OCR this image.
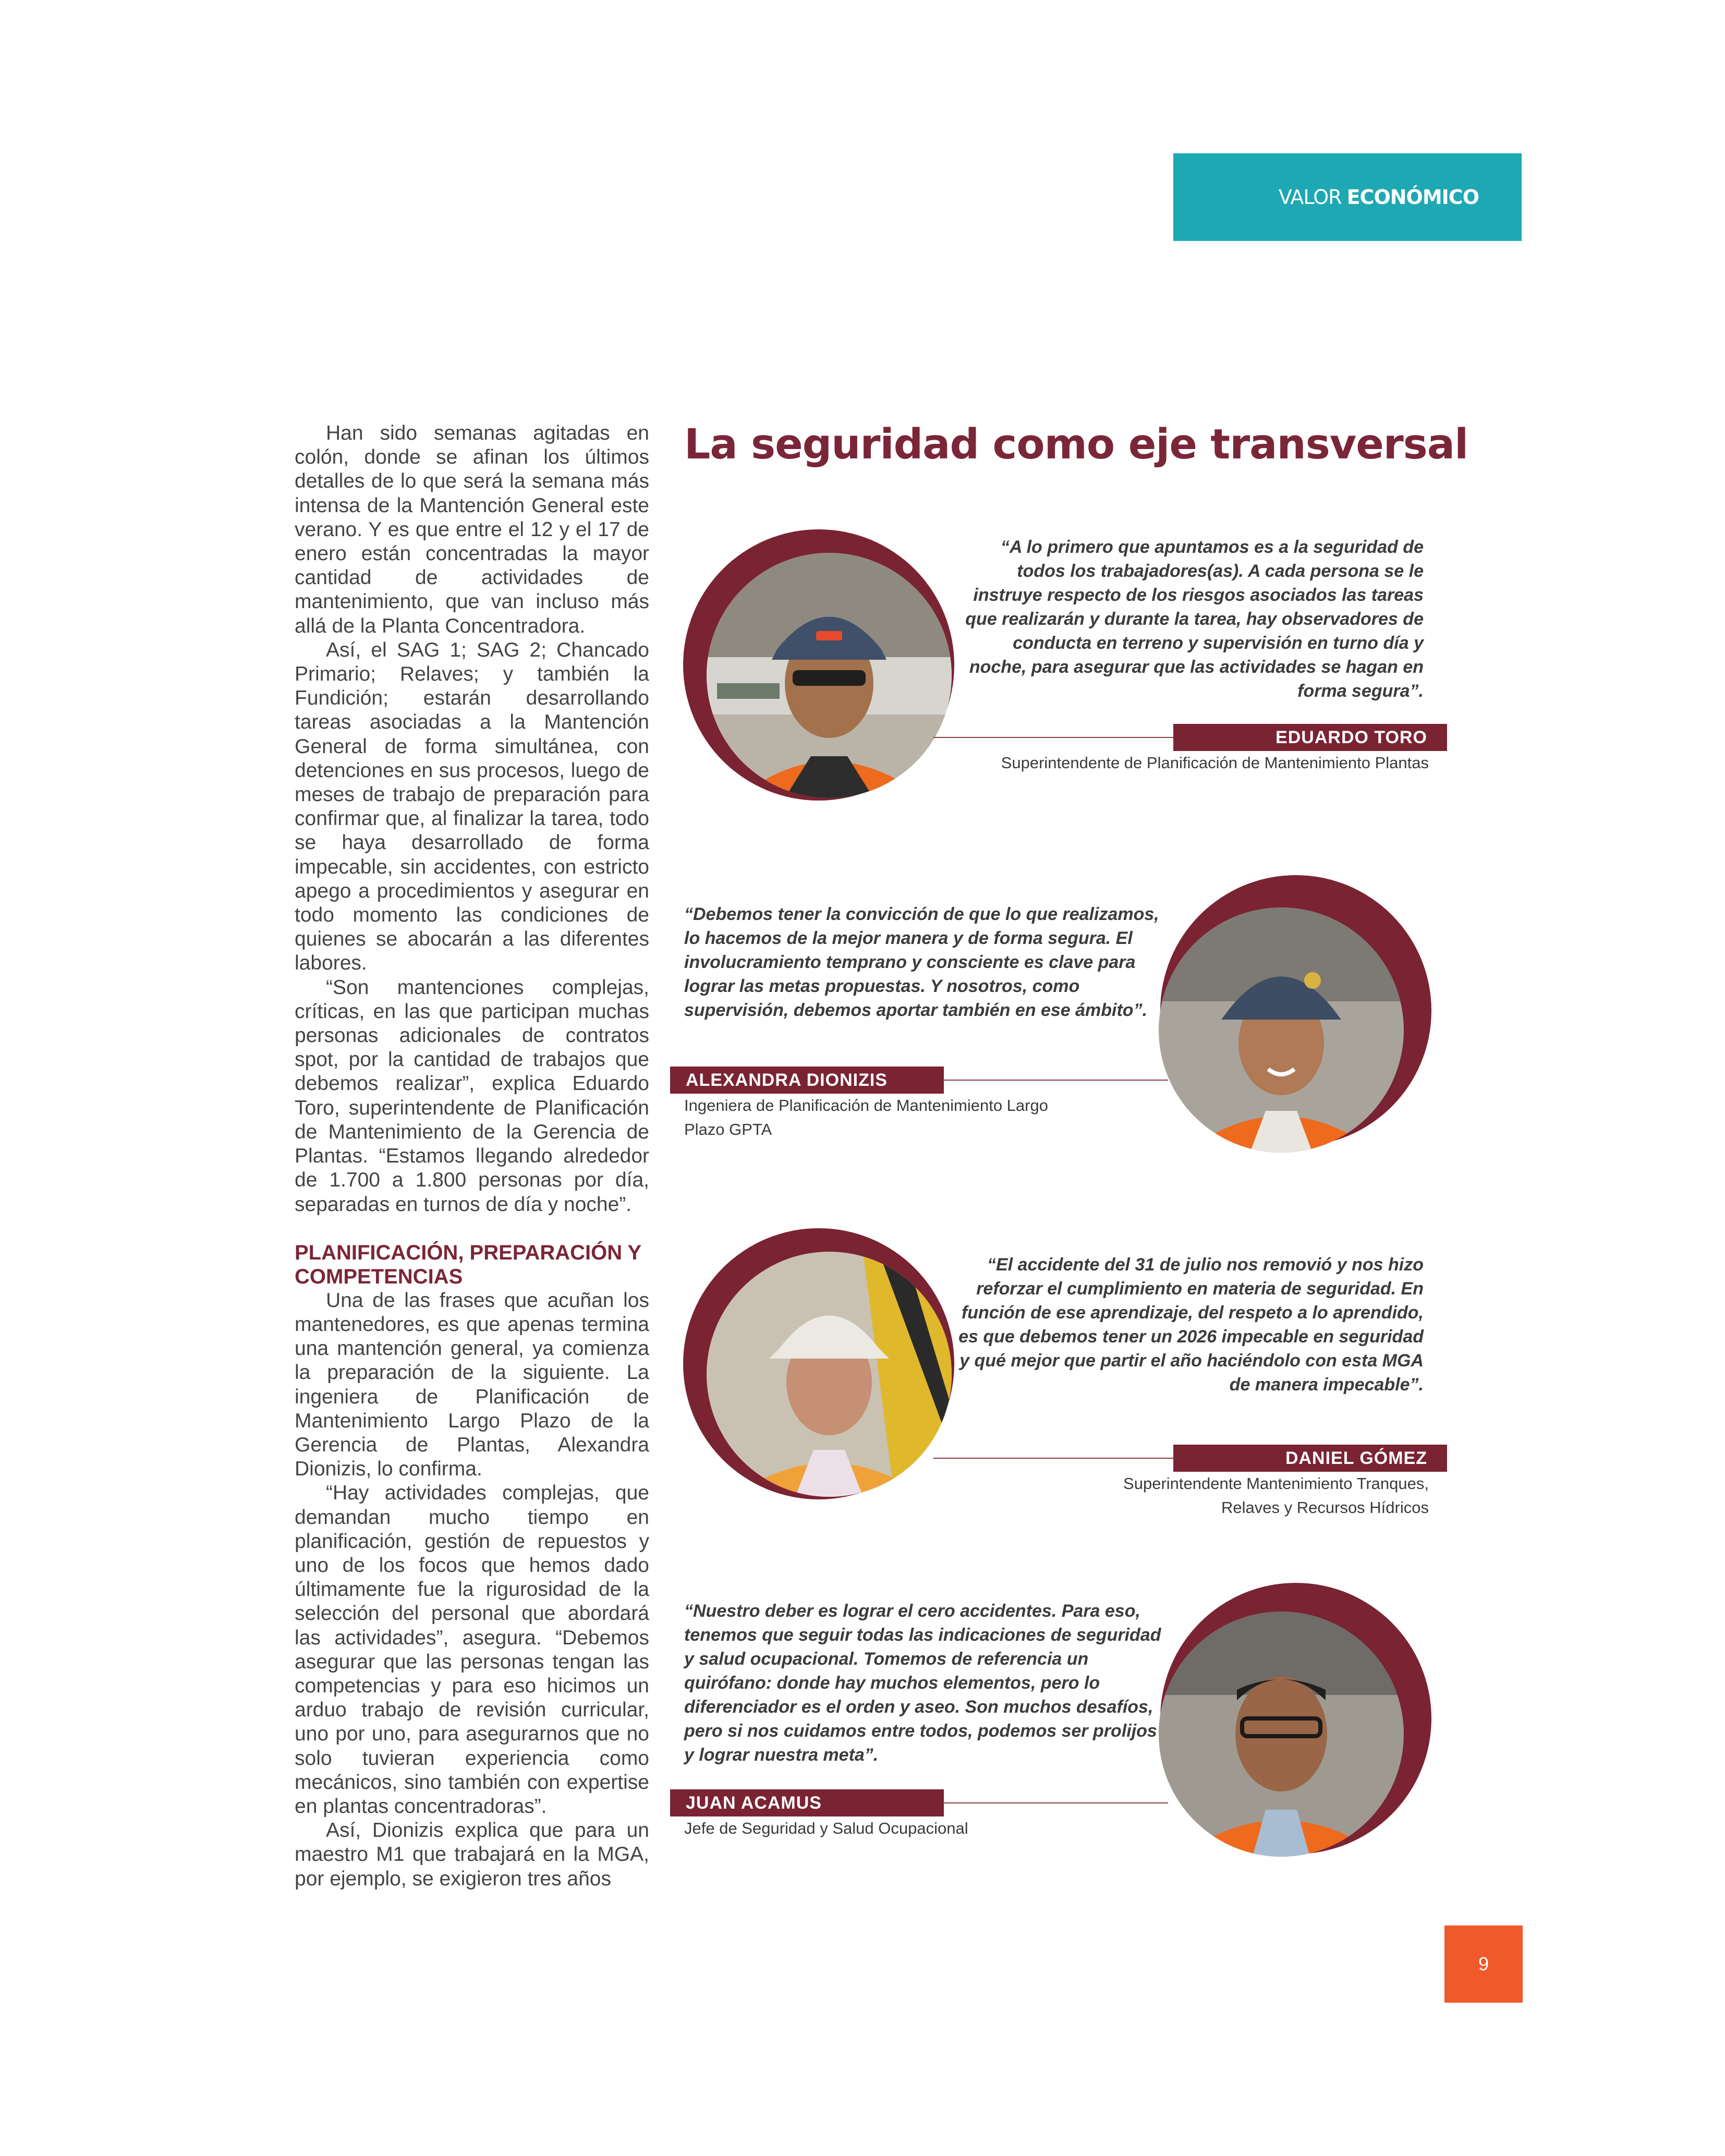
VALOR ECONÓMICO

Han sido semanas agitadas en colón, donde se afinan los últimos detalles de lo que será la semana más intensa de la Mantención General este verano. Y es que entre el 12 y el 17 de enero están concentradas la mayor cantidad de actividades de mantenimiento, que van incluso más allá de la Planta Concentradora.

Así, el SAG 1; SAG 2; Chancado Primario; Relaves; y también la Fundición; estarán desarrollando tareas asociadas a la Mantención General de forma simultánea, con detenciones en sus procesos, luego de meses de trabajo de preparación para confirmar que, al finalizar la tarea, todo se haya desarrollado de forma impecable, sin accidentes, con estricto apego a procedimientos y asegurar en todo momento las condiciones de quienes se abocarán a las diferentes labores.

“Son mantenciones complejas, críticas, en las que participan muchas personas adicionales de contratos spot, por la cantidad de trabajos que debemos realizar”, explica Eduardo Toro, superintendente de Planificación de Mantenimiento de la Gerencia de Plantas. “Estamos llegando alrededor de 1.700 a 1.800 personas por día, separadas en turnos de día y noche”.

PLANIFICACIÓN, PREPARACIÓN Y COMPETENCIAS

Una de las frases que acuñan los mantenedores, es que apenas termina una mantención general, ya comienza la preparación de la siguiente. La ingeniera de Planificación de Mantenimiento Largo Plazo de la Gerencia de Plantas, Alexandra Dionizis, lo confirma.

“Hay actividades complejas, que demandan mucho tiempo en planificación, gestión de repuestos y uno de los focos que hemos dado últimamente fue la rigurosidad de la selección del personal que abordará las actividades”, asegura. “Debemos asegurar que las personas tengan las competencias y para eso hicimos un arduo trabajo de revisión curricular, uno por uno, para asegurarnos que no solo tuvieran experiencia como mecánicos, sino también con expertise en plantas concentradoras”.

Así, Dionizis explica que para un maestro M1 que trabajará en la MGA, por ejemplo, se exigieron tres años

La seguridad como eje transversal

“A lo primero que apuntamos es a la seguridad de todos los trabajadores(as). A cada persona se le instruye respecto de los riesgos asociados las tareas que realizarán y durante la tarea, hay observadores de conducta en terreno y supervisión en turno día y noche, para asegurar que las actividades se hagan en forma segura”.

EDUARDO TORO

Superintendente de Planificación de Mantenimiento Plantas

“Debemos tener la convicción de que lo que realizamos, lo hacemos de la mejor manera y de forma segura. El involucramiento temprano y consciente es clave para lograr las metas propuestas. Y nosotros, como supervisión, debemos aportar también en ese ámbito”.

ALEXANDRA DIONIZIS

Ingeniera de Planificación de Mantenimiento Largo Plazo GPTA

“El accidente del 31 de julio nos removió y nos hizo reforzar el cumplimiento en materia de seguridad. En función de ese aprendizaje, del respeto a lo aprendido, es que debemos tener un 2026 impecable en seguridad y qué mejor que partir el año haciéndolo con esta MGA de manera impecable”.

DANIEL GÓMEZ

Superintendente Mantenimiento Tranques, Relaves y Recursos Hídricos

“Nuestro deber es lograr el cero accidentes. Para eso, tenemos que seguir todas las indicaciones de seguridad y salud ocupacional. Tomemos de referencia un quirófano: donde hay muchos elementos, pero lo diferenciador es el orden y aseo. Son muchos desafíos, pero si nos cuidamos entre todos, podemos ser prolijos y lograr nuestra meta”.

JUAN ACAMUS

Jefe de Seguridad y Salud Ocupacional

9
